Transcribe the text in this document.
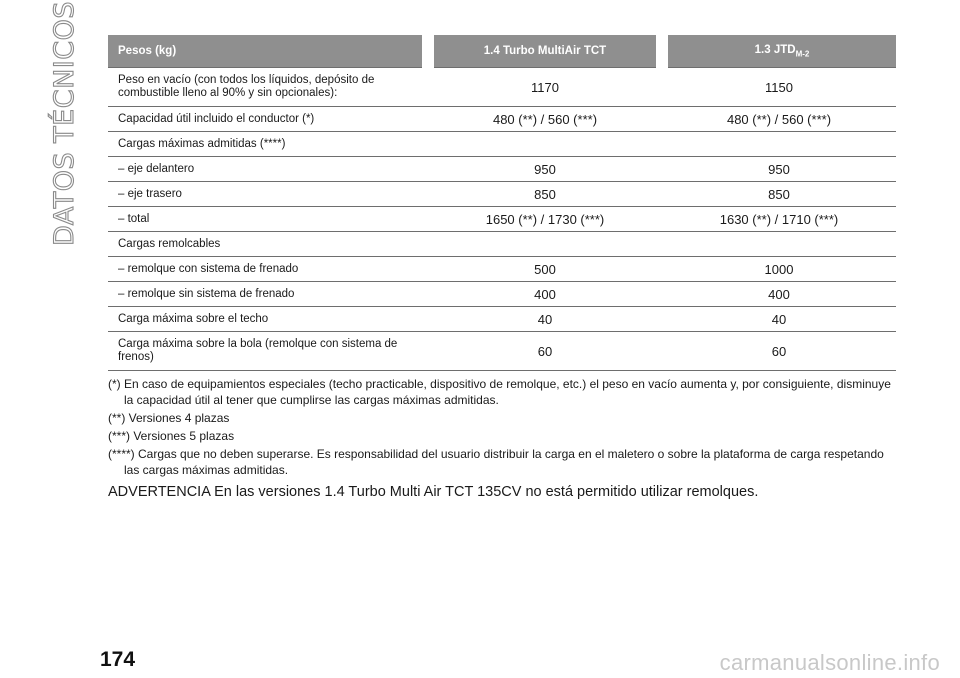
DATOS TÉCNICOS	Pesos (kg)	1.4 Turbo MultiAir TCT	1.3 $JTD_{M-2}$
Peso en vacío (con todos los líquidos, depósito de combustible lleno al 90% y sin opcionales):	1170	1150
Capacidad útil incluido el conductor (*)	480 (**) / 560 (***)	480 (**) / 560 (***)
Cargas máximas admitidas (****)		
– eje delantero	950	950
– eje trasero	850	850
– total	1650 (**) / 1730 (***)	1630 (**) / 1710 (***)
Cargas remolcables		
– remolque con sistema de frenado	500	1000
– remolque sin sistema de frenado	400	400
Carga máxima sobre el techo	40	40
Carga máxima sobre la bola (remolque con sistema de frenos)	60	60

(*) En caso de equipamientos especiales (techo practicable, dispositivo de remolque, etc.) el peso en vacío aumenta y, por consiguiente, disminuye la capacidad útil al tener que cumplirse las cargas máximas admitidas.

(**) Versiones 4 plazas

(***) Versiones 5 plazas

(****) Cargas que no deben superarse. Es responsabilidad del usuario distribuir la carga en el maletero o sobre la plataforma de carga respetando las cargas máximas admitidas.

ADVERTENCIA En las versiones 1.4 Turbo Multi Air TCT 135CV no está permitido utilizar remolques.
174	carmanualsonline.info
